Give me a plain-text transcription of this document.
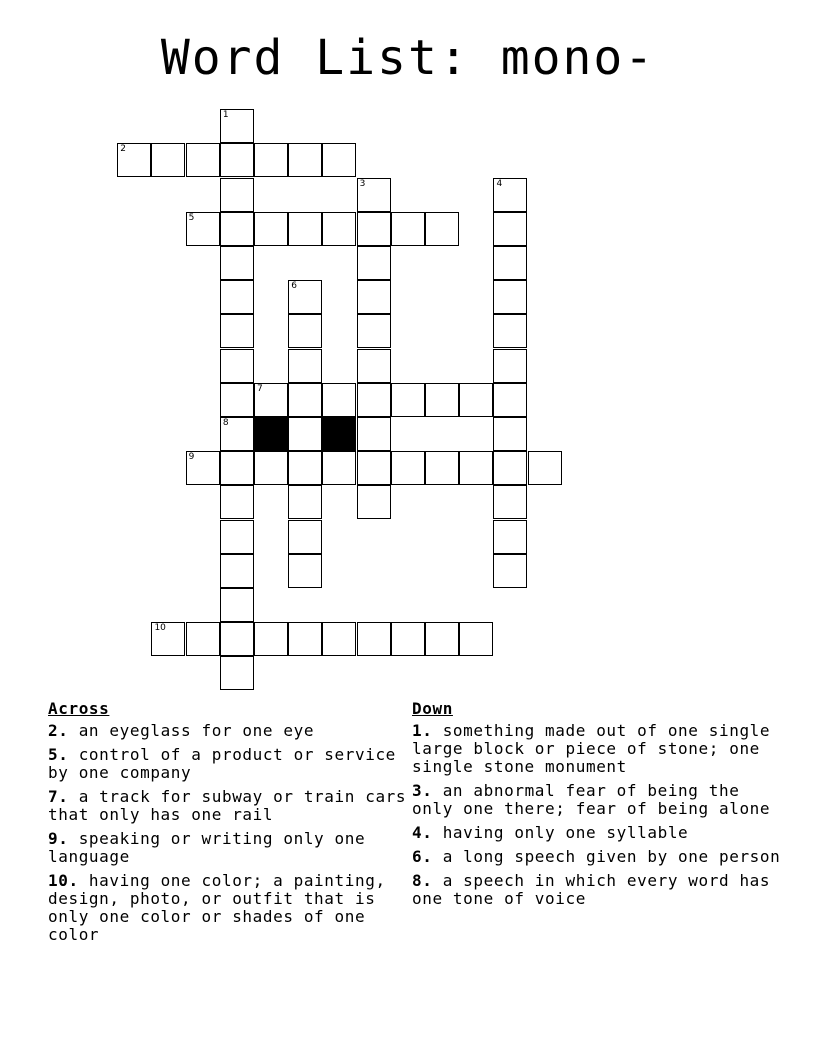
Word List: mono-
2
5
7
9
10
1
8
3	4
6
Across
2. an eyeglass for one eye
5. control of a product or service by one company
7. a track for subway or train cars that only has one rail
9. speaking or writing only one language
10. having one color; a painting, design, photo, or outfit that is only one color or shades of one color
Down
1. something made out of one single large block or piece of stone; one single stone monument
3. an abnormal fear of being the only one there; fear of being alone
4. having only one syllable
6. a long speech given by one person
8. a speech in which every word has one tone of voice
